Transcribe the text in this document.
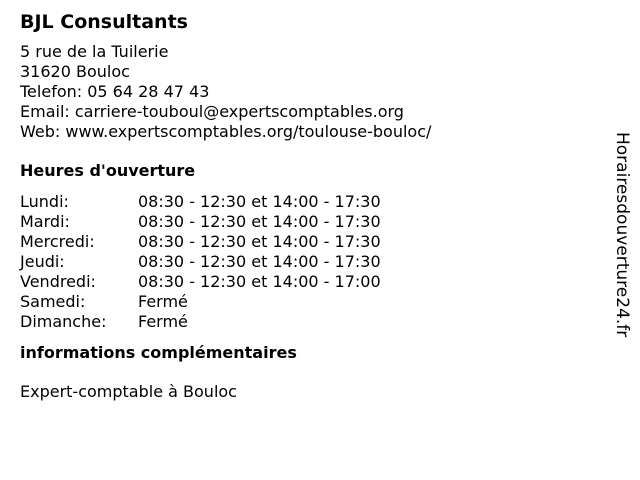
BJL Consultants
5 rue de la Tuilerie
31620 Bouloc
Telefon: 05 64 28 47 43
Email: carriere-touboul@expertscomptables.org
Web: www.expertscomptables.org/toulouse-bouloc/
Heures d'ouverture
Lundi:	08:30 - 12:30 et 14:00 - 17:30
Mardi:	08:30 - 12:30 et 14:00 - 17:30
Mercredi:	08:30 - 12:30 et 14:00 - 17:30
Jeudi:	08:30 - 12:30 et 14:00 - 17:30
Vendredi:	08:30 - 12:30 et 14:00 - 17:00
Samedi:	Fermé
Dimanche:	Fermé
informations complémentaires
Expert-comptable à Bouloc
Horairesdouverture24.fr
